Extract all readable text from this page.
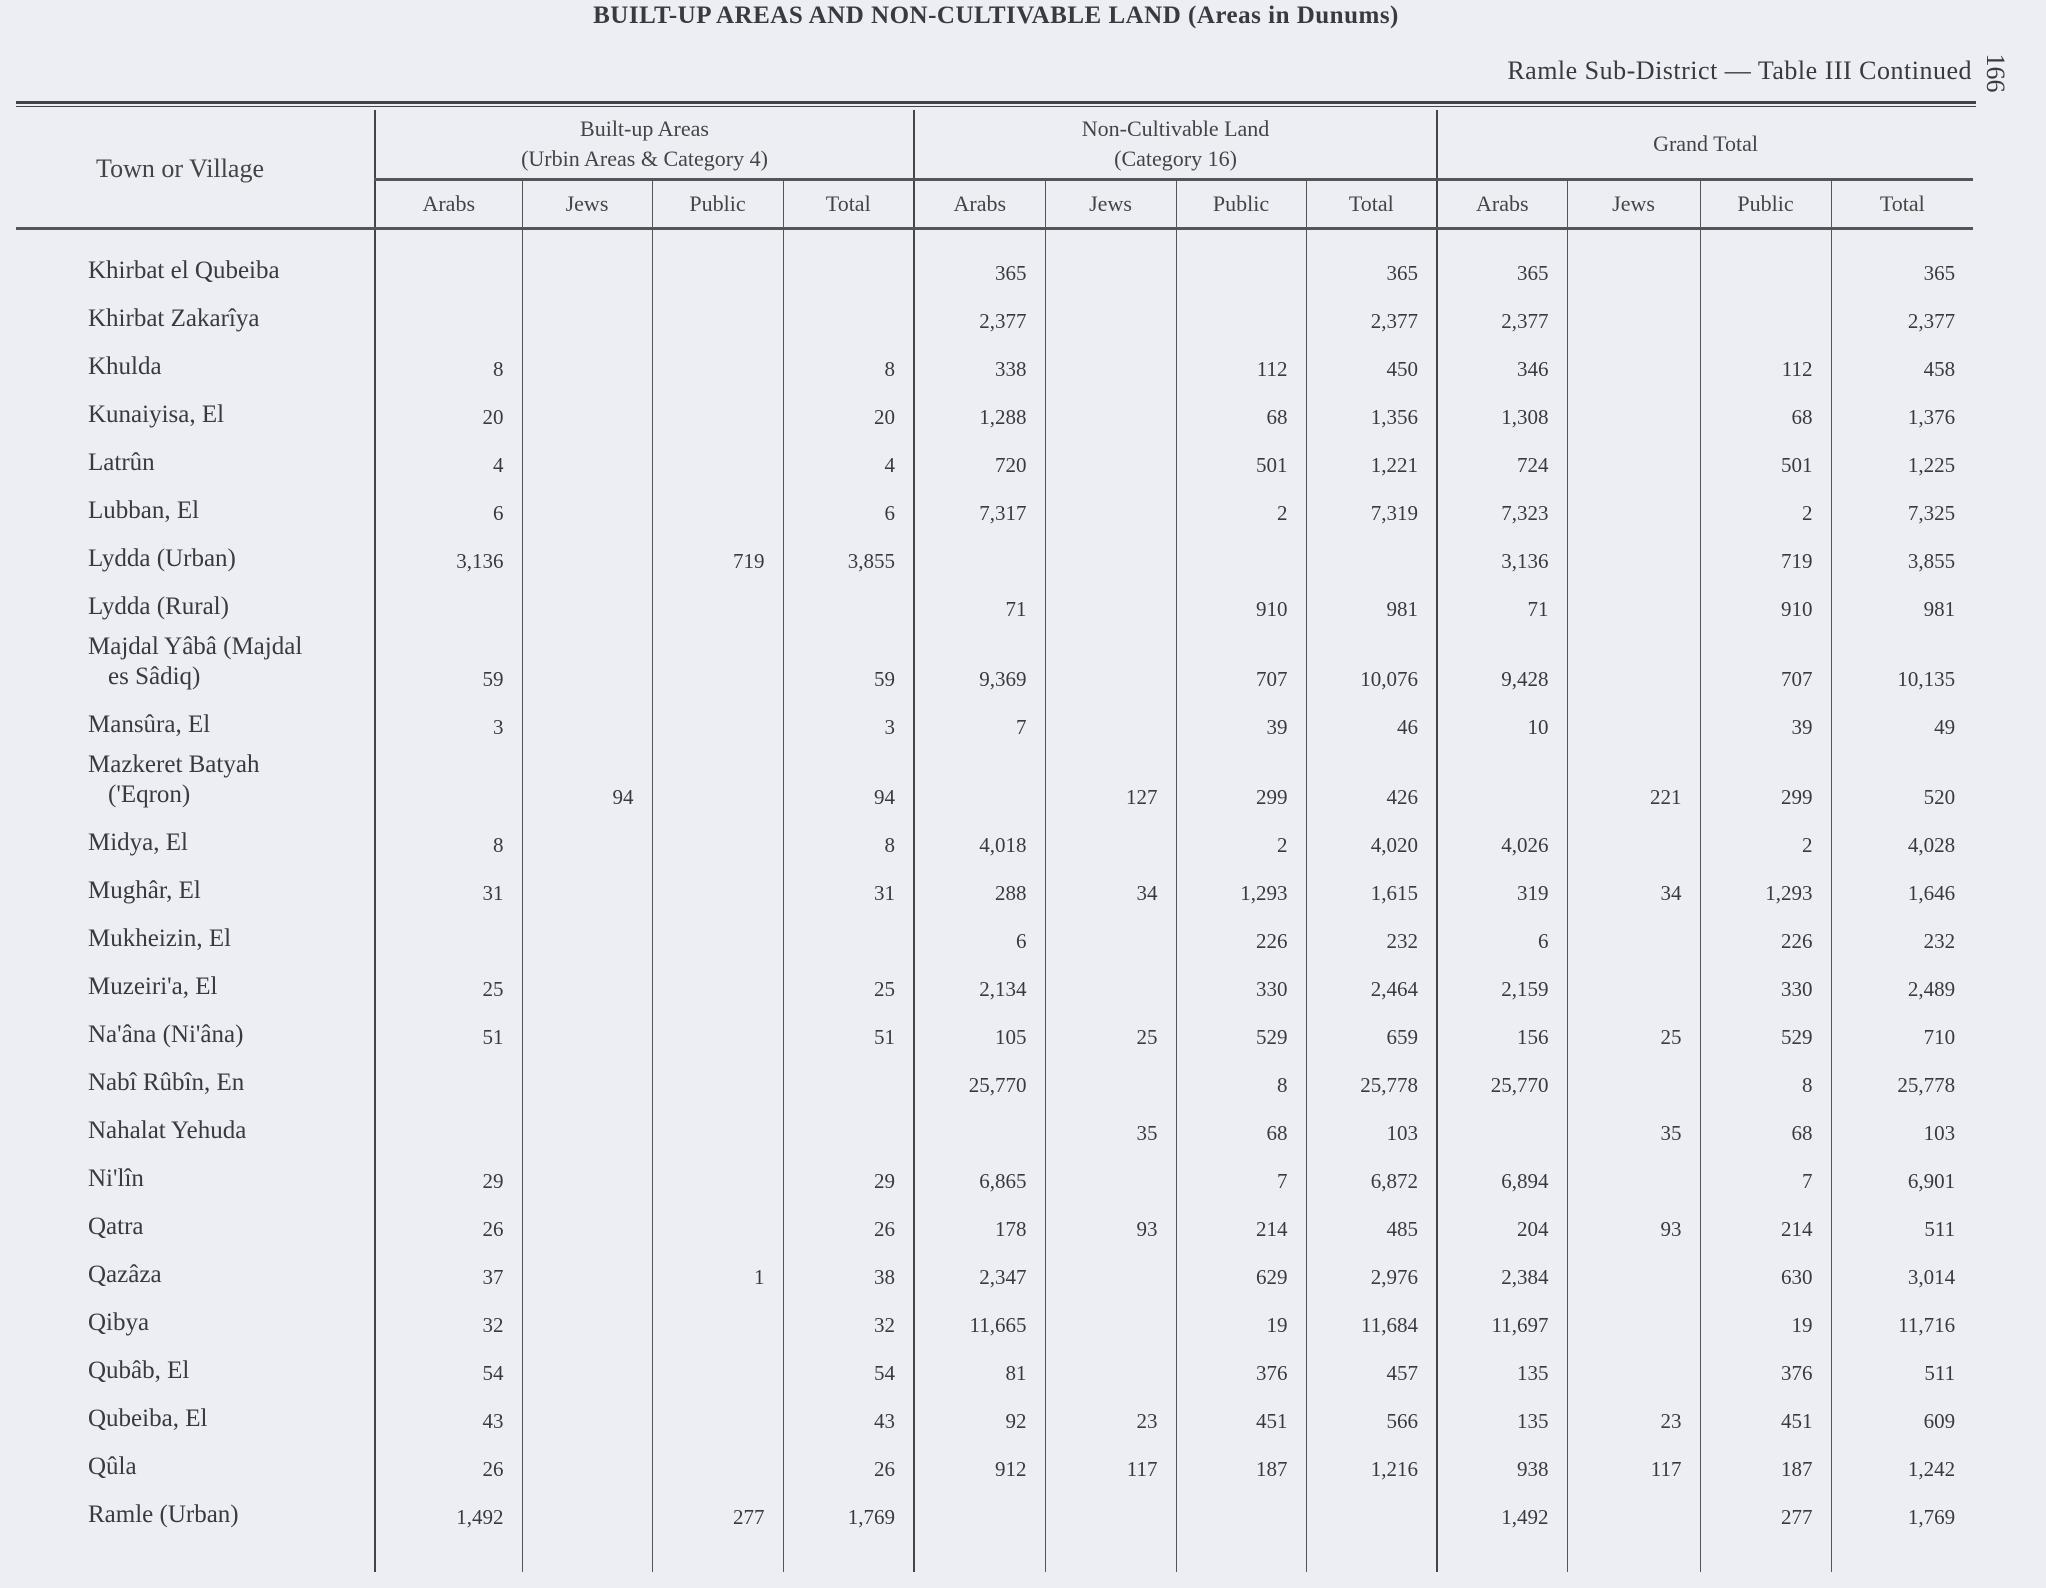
BUILT-UP AREAS AND NON-CULTIVABLE LAND (Areas in Dunums)
Ramle Sub-District — Table III Continued 166
Town or Village	Built-up Areas
(Urbin Areas & Category 4)				Non-Cultivable Land
(Category 16)				Grand Total			

	Arabs	Jews	Public	Total	Arabs	Jews	Public	Total	Arabs	Jews	Public	Total
Khirbat el Qubeiba					365			365	365			365
Khirbat Zakarîya					2,377			2,377	2,377			2,377
Khulda	8			8	338		112	450	346		112	458
Kunaiyisa, El	20			20	1,288		68	1,356	1,308		68	1,376
Latrûn	4			4	720		501	1,221	724		501	1,225
Lubban, El	6			6	7,317		2	7,319	7,323		2	7,325
Lydda (Urban)	3,136		719	3,855					3,136		719	3,855
Lydda (Rural)					71		910	981	71		910	981
Majdal Yâbâ (Majdal
es Sâdiq)	59			59	9,369		707	10,076	9,428		707	10,135
Mansûra, El	3			3	7		39	46	10		39	49
Mazkeret Batyah
('Eqron)		94		94		127	299	426		221	299	520
Midya, El	8			8	4,018		2	4,020	4,026		2	4,028
Mughâr, El	31			31	288	34	1,293	1,615	319	34	1,293	1,646
Mukheizin, El					6		226	232	6		226	232
Muzeiri'a, El	25			25	2,134		330	2,464	2,159		330	2,489
Na'âna (Ni'âna)	51			51	105	25	529	659	156	25	529	710
Nabî Rûbîn, En					25,770		8	25,778	25,770		8	25,778
Nahalat Yehuda						35	68	103		35	68	103
Ni'lîn	29			29	6,865		7	6,872	6,894		7	6,901
Qatra	26			26	178	93	214	485	204	93	214	511
Qazâza	37		1	38	2,347		629	2,976	2,384		630	3,014
Qibya	32			32	11,665		19	11,684	11,697		19	11,716
Qubâb, El	54			54	81		376	457	135		376	511
Qubeiba, El	43			43	92	23	451	566	135	23	451	609
Qûla	26			26	912	117	187	1,216	938	117	187	1,242
Ramle (Urban)	1,492		277	1,769					1,492		277	1,769
